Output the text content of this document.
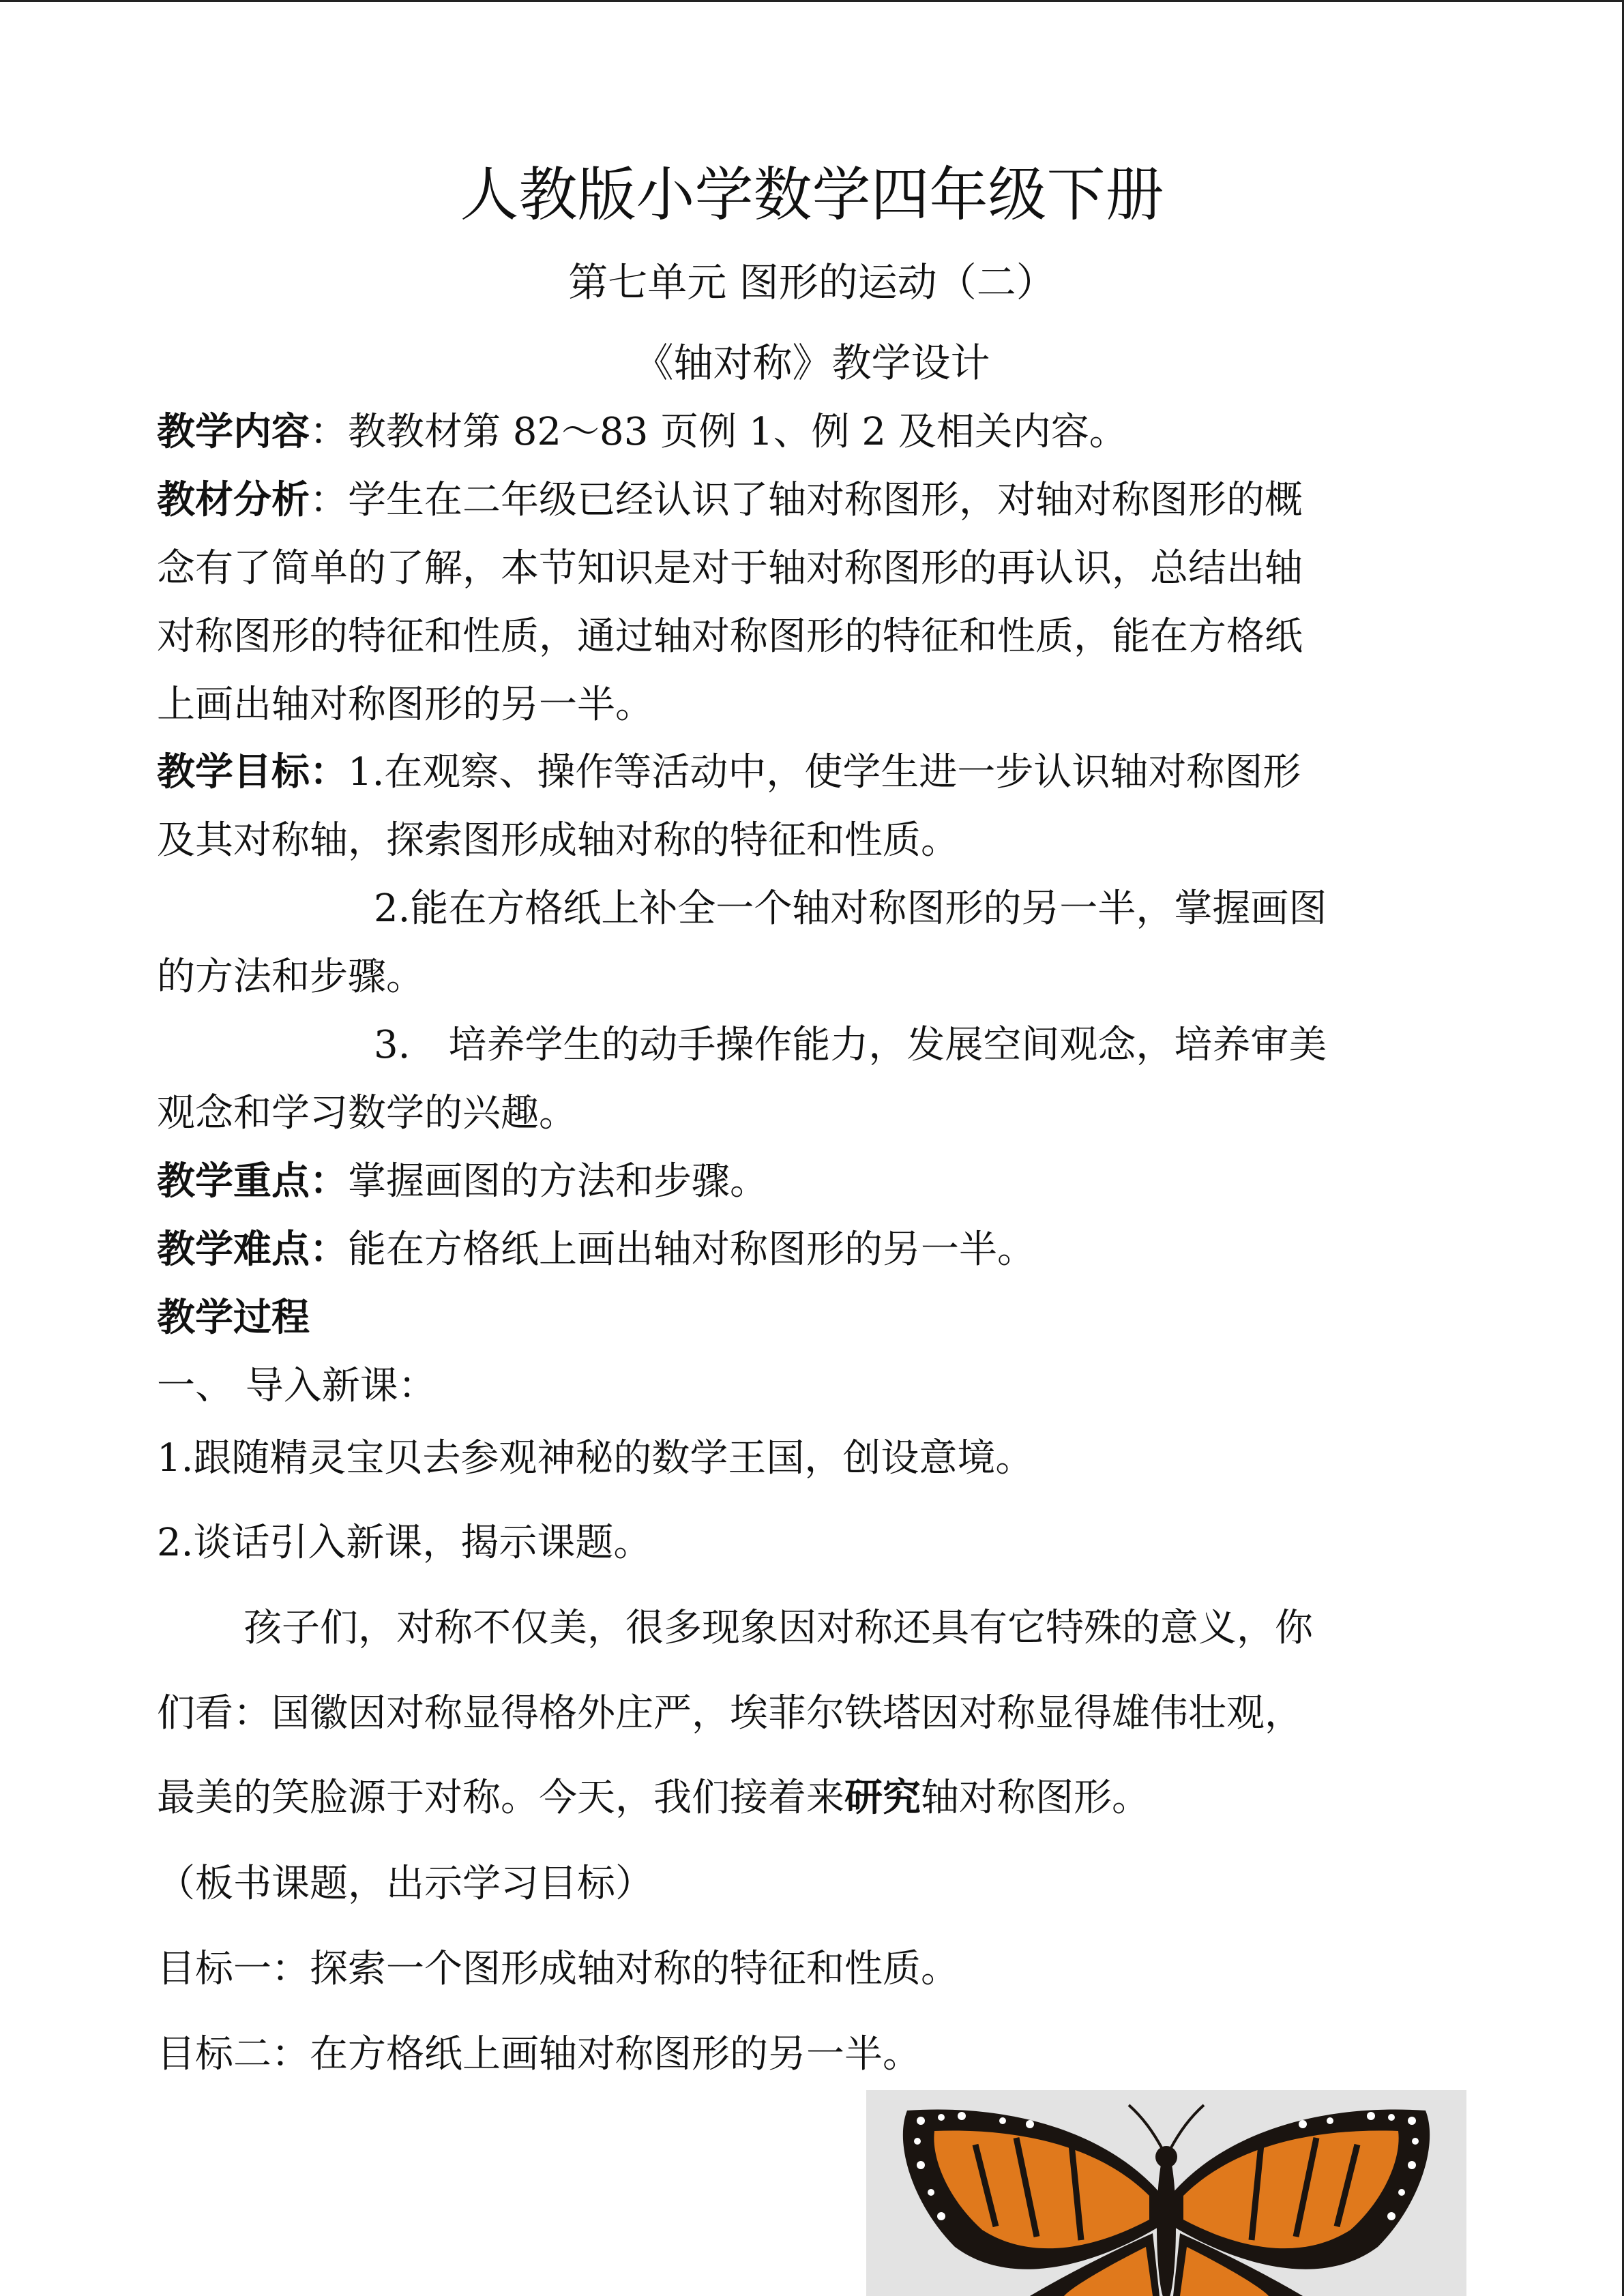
人教版小学数学四年级下册
第七单元 图形的运动（二）
《轴对称》教学设计
教学内容：教教材第 82～83 页例 1、例 2 及相关内容。
教材分析：学生在二年级已经认识了轴对称图形，对轴对称图形的概
念有了简单的了解，本节知识是对于轴对称图形的再认识，总结出轴
对称图形的特征和性质，通过轴对称图形的特征和性质，能在方格纸
上画出轴对称图形的另一半。
教学目标：1.在观察、操作等活动中，使学生进一步认识轴对称图形
及其对称轴，探索图形成轴对称的特征和性质。
2.能在方格纸上补全一个轴对称图形的另一半，掌握画图
的方法和步骤。
3.　培养学生的动手操作能力，发展空间观念，培养审美
观念和学习数学的兴趣。
教学重点：掌握画图的方法和步骤。
教学难点：能在方格纸上画出轴对称图形的另一半。
教学过程
一、 导入新课：
1.跟随精灵宝贝去参观神秘的数学王国，创设意境。
2.谈话引入新课，揭示课题。
孩子们，对称不仅美，很多现象因对称还具有它特殊的意义，你
们看：国徽因对称显得格外庄严，埃菲尔铁塔因对称显得雄伟壮观，
最美的笑脸源于对称。今天，我们接着来研究轴对称图形。
（板书课题，出示学习目标）
目标一：探索一个图形成轴对称的特征和性质。
目标二：在方格纸上画轴对称图形的另一半。
